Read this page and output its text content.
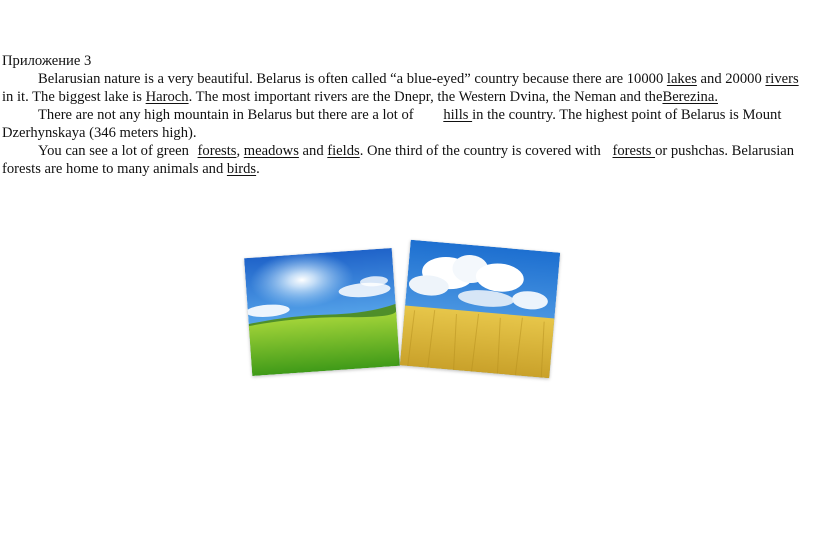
Приложение 3
Belarusian nature is a very beautiful. Belarus is often called “a blue-eyed” country because there are 10000 lakes and 20000 rivers
in it. The biggest lake is Haroch. The most important rivers are the Dnepr, the Western Dvina, the Neman and theBerezina.
There are not any high mountain in Belarus but there are a lot of hills in the country. The highest point of Belarus is Mount
Dzerhynskaya (346 meters high).
You can see a lot of green forests, meadows and fields. One third of the country is covered with forests or pushchas. Belarusian
forests are home to many animals and birds.
